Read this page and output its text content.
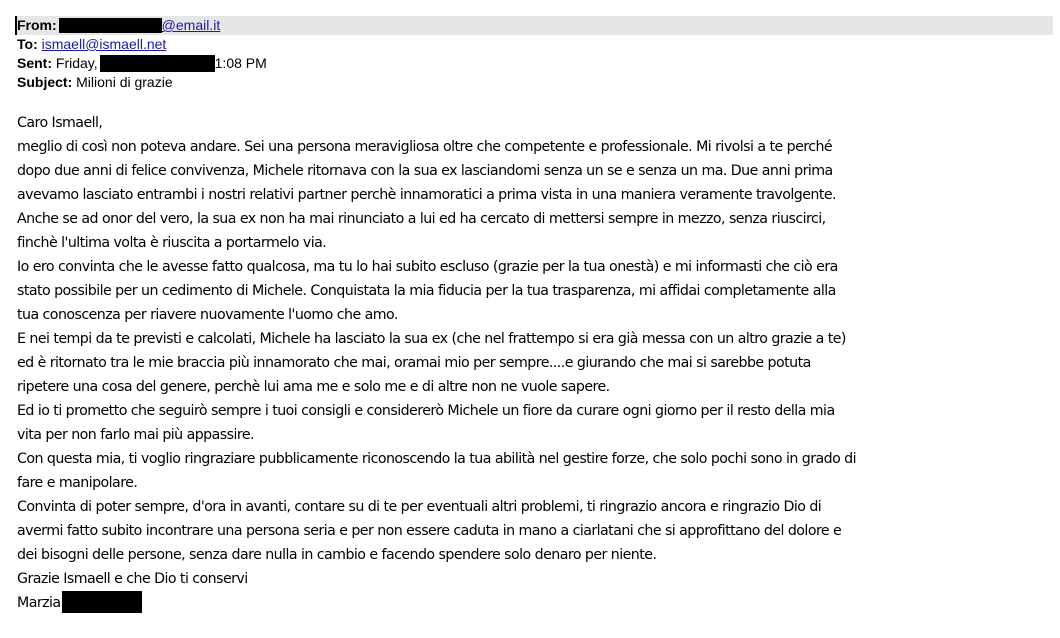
From:	@email.it
To: ismaell@ismaell.net
Sent: Friday,	1:08 PM
Subject: Milioni di grazie
Caro Ismaell,
meglio di così non poteva andare. Sei una persona meravigliosa oltre che competente e professionale. Mi rivolsi a te perché
dopo due anni di felice convivenza, Michele ritornava con la sua ex lasciandomi senza un se e senza un ma. Due anni prima
avevamo lasciato entrambi i nostri relativi partner perchè innamoratici a prima vista in una maniera veramente travolgente.
Anche se ad onor del vero, la sua ex non ha mai rinunciato a lui ed ha cercato di mettersi sempre in mezzo, senza riuscirci,
finchè l'ultima volta è riuscita a portarmelo via.
Io ero convinta che le avesse fatto qualcosa, ma tu lo hai subito escluso (grazie per la tua onestà) e mi informasti che ciò era
stato possibile per un cedimento di Michele. Conquistata la mia fiducia per la tua trasparenza, mi affidai completamente alla
tua conoscenza per riavere nuovamente l'uomo che amo.
E nei tempi da te previsti e calcolati, Michele ha lasciato la sua ex (che nel frattempo si era già messa con un altro grazie a te)
ed è ritornato tra le mie braccia più innamorato che mai, oramai mio per sempre....e giurando che mai si sarebbe potuta
ripetere una cosa del genere, perchè lui ama me e solo me e di altre non ne vuole sapere.
Ed io ti prometto che seguirò sempre i tuoi consigli e considererò Michele un fiore da curare ogni giorno per il resto della mia
vita per non farlo mai più appassire.
Con questa mia, ti voglio ringraziare pubblicamente riconoscendo la tua abilità nel gestire forze, che solo pochi sono in grado di
fare e manipolare.
Convinta di poter sempre, d'ora in avanti, contare su di te per eventuali altri problemi, ti ringrazio ancora e ringrazio Dio di
avermi fatto subito incontrare una persona seria e per non essere caduta in mano a ciarlatani che si approfittano del dolore e
dei bisogni delle persone, senza dare nulla in cambio e facendo spendere solo denaro per niente.
Grazie Ismaell e che Dio ti conservi
Marzia
